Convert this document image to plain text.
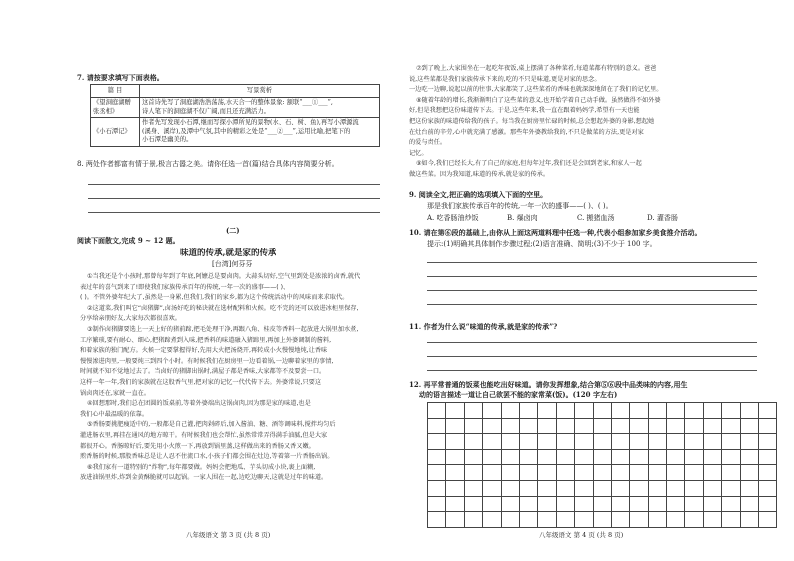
7. 请按要求填写下面表格。
篇 目	写景赏析
《望洞庭湖赠张丞相》	这首诗先写了洞庭湖浩浩荡荡,水天合一的整体景象: 颔联“___①___”,
诗人笔下的洞庭湖不仅广阔,而且还充满活力。

《小石潭记》	作者先写发现小石潭,继而写探小潭所见的景物(水、石、树、鱼),再写小潭源流
(溪身、溪岸),及潭中气氛,其中的精彩之处是“___②___”,运用比喻,把笔下的
小石潭是幽美的。
8. 两处作者都富有情于景,极言古嚣之美。请你任选一首(篇)结合具体内容简要分析。
(二)
阅读下面散文,完成 9 ~ 12 题。
味道的传承,就是家的传承
[台湾]何芬芬
①当我还是个小孩时,那曾每年到了年底,阿嬷总是要卤肉。大蒜头切好,空气里到处是浓浓的卤香,就代
表过年的喜气到来了!即使我们家族传承百年的传统,一年一次的盛事——( )、
( )。不管外婆年纪大了,虽然是一身累,但我们,我们的家乡,都为这个传统活动中的风味而来求取代。
②这道菜,我们叫它“卤猪脚”,卤汤好吃的秘诀就在选材配料和火候。吃不完的还可以放进冰柜里保存,
分享给亲朋好友,大家每次都很喜欢。
③制作卤猪脚要选上一天上好的猪前蹄,把毛处理干净,再跟八角、桂皮等香料一起放进大锅里加水煮,
工序繁琐,要有耐心、细心,把猪蹄煮到入味,把香料的味道融入猪蹄里,再加上外婆调制的酱料,
和着家族的独门配方。火候一定要掌握得好,先用大火把汤烧开,再转成小火慢慢地炖,让香味
慢慢渗进肉里,一般要炖三到四个小时。有时候我们在厨房里一边看着锅,一边聊着家里的事情,
时间就不知不觉地过去了。当卤好的猪脚出锅时,满屋子都是香味,大家都等不及要尝一口。
这样一年一年,我们的家族就在这股香气里,把对家的记忆一代代传下去。外婆常说,只要这
锅卤肉还在,家就一直在。
④回想那时,我们总在团圆的饭桌前,等着外婆端出这锅卤肉,因为那是家的味道,也是
我们心中最温暖的依靠。
⑤香肠要挑肥瘦适中的,一般都是自己灌,把肉剁碎后,加入酱油、糖、酒等调味料,搅拌均匀后
灌进肠衣里,再挂在通风的地方晾干。有时候我们也会帮忙,虽然常常弄得满手油腻,但是大家
都很开心。香肠晾好后,要先用小火煎一下,再放到锅里蒸,这样做出来的香肠又香又嫩。
煎香肠的时候,那股香味总是让人忍不住流口水,小孩子们都会围在灶边,等着第一片香肠出锅。
⑥我们家有一道特别的“炸物”,每年都要做。妈妈会把地瓜、芋头切成小块,裹上面糊,
放进油锅里炸,炸到金黄酥脆就可以起锅。一家人围在一起,边吃边聊天,这就是过年的味道。
八年级语文 第 3 页 (共 8 页)
⑦到了晚上,大家围坐在一起吃年夜饭,桌上摆满了各种菜肴,每道菜都有特别的意义。爸爸
说,这些菜都是我们家族传承下来的,吃的不只是味道,更是对家的思念。
一边吃一边聊,说起以前的往事,大家都笑了,这些菜肴的香味也就深深地留在了我们的记忆里。
⑧随着年龄的增长,我渐渐明白了这些菜的意义,也开始学着自己动手做。虽然做得不如外婆
好,但是我想把这份味道传下去。于是,这些年来,我一直在跟着妈妈学,希望有一天也能
把这份家族的味道传给我的孩子。每当我在厨房里忙碌的时候,总会想起外婆的身影,想起她
在灶台前的辛劳,心中就充满了感激。那些年外婆教给我的,不只是做菜的方法,更是对家
的爱与责任。
记忆。
⑨如今,我们已经长大,有了自己的家庭,但每年过年,我们还是会回到老家,和家人一起
做这些菜。因为我知道,味道的传承,就是家的传承。
9. 阅读全文,把正确的选项填入下面的空里。
那是我们家族传承百年的传统,一年一次的盛事——( )、( )。
A. 吃香肠油炒饭	B. 爆卤肉	C. 搬猪血汤	D. 灌香肠
10. 请在第⑥段的基础上,由你从上面这两道料理中任选一种,代表小组参加家乡美食推介活动。
提示:(1)明确其具体制作步骤过程;(2)语言准确、简明;(3)不少于 100 字。
11. 作者为什么说“味道的传承,就是家的传承”?
12. 再平常普通的饭菜也能吃出好味道。请你发挥想象,结合第⑤⑥段中品类味的内容,用生
动的语言描述一道让自己欲罢不能的家常菜(饭)。(120 字左右)

八年级语文 第 4 页 (共 8 页)
